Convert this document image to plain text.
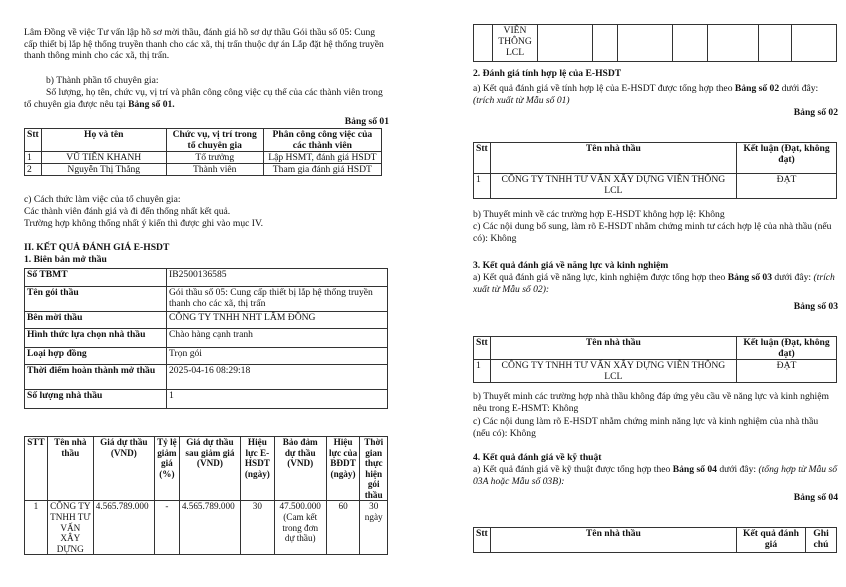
Lâm Đồng về việc Tư vấn lập hồ sơ mời thầu, đánh giá hồ sơ dự thầu Gói thầu số 05: Cung cấp thiết bị lắp hệ thống truyền thanh cho các xã, thị trấn thuộc dự án Lắp đặt hệ thống truyền thanh thông minh cho các xã, thị trấn.

b) Thành phần tổ chuyên gia:

Số lượng, họ tên, chức vụ, vị trí và phân công công việc cụ thể của các thành viên trong tổ chuyên gia được nêu tại Bảng số 01.

Bảng số 01

Stt	Họ và tên	Chức vụ, vị trí trong tổ chuyên gia	Phân công công việc của các thành viên
1	VŨ TIẾN KHANH	Tổ trưởng	Lập HSMT, đánh giá HSDT
2	Nguyễn Thị Thắng	Thành viên	Tham gia đánh giá HSDT

c) Cách thức làm việc của tổ chuyên gia:

Các thành viên đánh giá và đi đến thống nhất kết quả.

Trường hợp không thống nhất ý kiến thì được ghi vào mục IV.

II. KẾT QUẢ ĐÁNH GIÁ E-HSDT

1. Biên bản mở thầu

Số TBMT	IB2500136585
Tên gói thầu	Gói thầu số 05: Cung cấp thiết bị lắp hệ thống truyền thanh cho các xã, thị trấn
Bên mời thầu	CÔNG TY TNHH NHT LÂM ĐỒNG
Hình thức lựa chọn nhà thầu	Chào hàng cạnh tranh
Loại hợp đồng	Trọn gói
Thời điểm hoàn thành mở thầu	2025-04-16 08:29:18
Số lượng nhà thầu	1
STT	Tên nhà thầu	Giá dự thầu (VND)	Tỷ lệ giảm giá (%)	Giá dự thầu sau giảm giá (VND)	Hiệu lực E-HSDT (ngày)	Bảo đảm dự thầu (VND)	Hiệu lực của BĐDT (ngày)	Thời gian thực hiện gói thầu
1	CÔNG TY TNHH TƯ VẤN XÂY DỰNG	4.565.789.000	-	4.565.789.000	30	47.500.000 (Cam kết trong đơn dự thầu)	60	30 ngày
	VIỄN THÔNG LCL							

2. Đánh giá tính hợp lệ của E-HSDT

a) Kết quả đánh giá về tính hợp lệ của E-HSDT được tổng hợp theo Bảng số 02 dưới đây: (trích xuất từ Mẫu số 01)

Bảng số 02

Stt	Tên nhà thầu	Kết luận (Đạt, không đạt)
1	CÔNG TY TNHH TƯ VẤN XÂY DỰNG VIỄN THÔNG LCL	ĐẠT

b) Thuyết minh về các trường hợp E-HSDT không hợp lệ: Không

c) Các nội dung bổ sung, làm rõ E-HSDT nhằm chứng minh tư cách hợp lệ của nhà thầu (nếu có): Không

3. Kết quả đánh giá về năng lực và kinh nghiệm

a) Kết quả đánh giá về năng lực, kinh nghiệm được tổng hợp theo Bảng số 03 dưới đây: (trích xuất từ Mẫu số 02):

Bảng số 03

Stt	Tên nhà thầu	Kết luận (Đạt, không đạt)
1	CÔNG TY TNHH TƯ VẤN XÂY DỰNG VIỄN THÔNG LCL	ĐẠT

b) Thuyết minh các trường hợp nhà thầu không đáp ứng yêu cầu về năng lực và kinh nghiệm nêu trong E-HSMT: Không

c) Các nội dung làm rõ E-HSDT nhằm chứng minh năng lực và kinh nghiệm của nhà thầu (nếu có): Không

4. Kết quả đánh giá về kỹ thuật

a) Kết quả đánh giá về kỹ thuật được tổng hợp theo Bảng số 04 dưới đây: (tổng hợp từ Mẫu số 03A hoặc Mẫu số 03B):

Bảng số 04

Stt	Tên nhà thầu	Kết quả đánh giá	Ghi chú
